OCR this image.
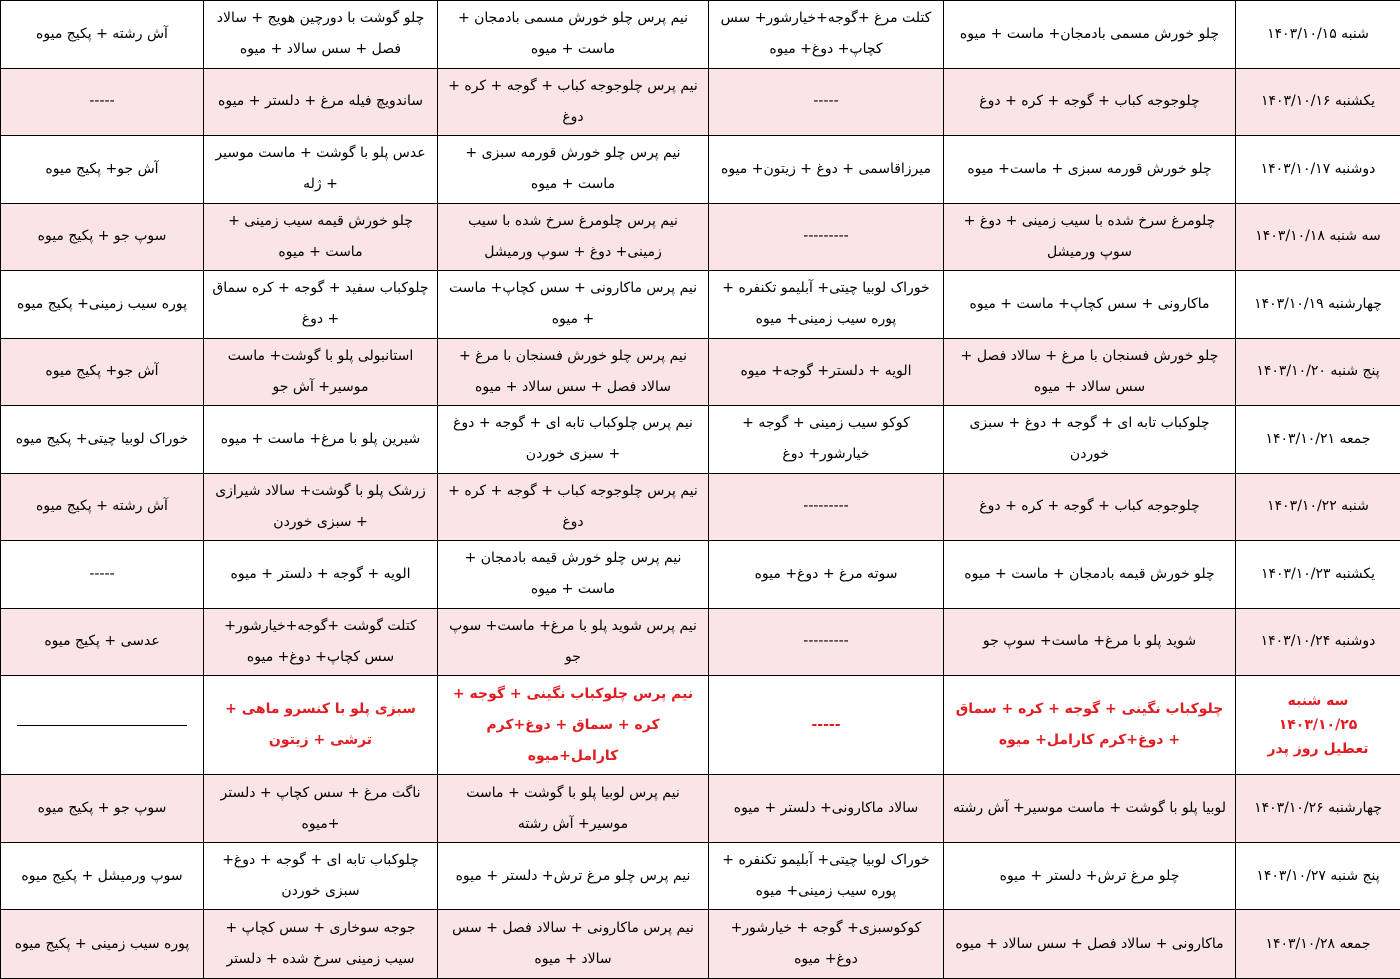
شنبه ۱۴۰۳/۱۰/۱۵	چلو خورش مسمی بادمجان+ ماست + میوه	کتلت مرغ +گوجه+خیارشور+ سس کچاپ+ دوغ+ میوه	نیم پرس چلو خورش مسمی بادمجان + ماست + میوه	چلو گوشت با دورچین هویج + سالاد فصل + سس سالاد + میوه	آش رشته + پکیج میوه
یکشنبه ۱۴۰۳/۱۰/۱۶	چلوجوجه کباب + گوجه + کره + دوغ	-----	نیم پرس چلوجوجه کباب + گوجه + کره + دوغ	ساندویچ فیله مرغ + دلستر + میوه	-----
دوشنبه ۱۴۰۳/۱۰/۱۷	چلو خورش قورمه سبزی + ماست+ میوه	میرزاقاسمی + دوغ + زیتون+ میوه	نیم پرس چلو خورش قورمه سبزی + ماست + میوه	عدس پلو با گوشت + ماست موسیر + ژله	آش جو+ پکیج میوه
سه شنبه ۱۴۰۳/۱۰/۱۸	چلومرغ سرخ شده با سیب زمینی + دوغ + سوپ ورمیشل	---------	نیم پرس چلومرغ سرخ شده با سیب زمینی+ دوغ + سوپ ورمیشل	چلو خورش قیمه سیب زمینی + ماست + میوه	سوپ جو + پکیج میوه
چهارشنبه ۱۴۰۳/۱۰/۱۹	ماکارونی + سس کچاپ+ ماست + میوه	خوراک لوبیا چیتی+ آبلیمو تکنفره + پوره سیب زمینی+ میوه	نیم پرس ماکارونی + سس کچاپ+ ماست + میوه	چلوکباب سفید + گوجه + کره سماق + دوغ	پوره سیب زمینی+ پکیج میوه
پنج شنبه ۱۴۰۳/۱۰/۲۰	چلو خورش فسنجان با مرغ + سالاد فصل + سس سالاد + میوه	الویه + دلستر+ گوجه+ میوه	نیم پرس چلو خورش فسنجان با مرغ + سالاد فصل + سس سالاد + میوه	استانبولی پلو با گوشت+ ماست موسیر+ آش جو	آش جو+ پکیج میوه
جمعه ۱۴۰۳/۱۰/۲۱	چلوکباب تابه ای + گوجه + دوغ + سبزی خوردن	کوکو سیب زمینی + گوجه + خیارشور+ دوغ	نیم پرس چلوکباب تابه ای + گوجه + دوغ + سبزی خوردن	شیرین پلو با مرغ+ ماست + میوه	خوراک لوبیا چیتی+ پکیج میوه
شنبه ۱۴۰۳/۱۰/۲۲	چلوجوجه کباب + گوجه + کره + دوغ	---------	نیم پرس چلوجوجه کباب + گوجه + کره + دوغ	زرشک پلو با گوشت+ سالاد شیرازی + سبزی خوردن	آش رشته + پکیج میوه
یکشنبه ۱۴۰۳/۱۰/۲۳	چلو خورش قیمه بادمجان + ماست + میوه	سوته مرغ + دوغ+ میوه	نیم پرس چلو خورش قیمه بادمجان + ماست + میوه	الویه + گوجه + دلستر + میوه	-----
دوشنبه ۱۴۰۳/۱۰/۲۴	شوید پلو با مرغ+ ماست+ سوپ جو	---------	نیم پرس شوید پلو با مرغ+ ماست+ سوپ جو	کتلت گوشت +گوجه+خیارشور+ سس کچاپ+ دوغ+ میوه	عدسی + پکیج میوه

سه شنبه
۱۴۰۳/۱۰/۲۵
تعطیل روز پدر	چلوکباب نگینی + گوجه + کره + سماق + دوغ+کرم کارامل+ میوه	-----	نیم پرس چلوکباب نگینی + گوجه + کره + سماق + دوغ+کرم کارامل+میوه	سبزی پلو با کنسرو ماهی + ترشی + زیتون	

چهارشنبه ۱۴۰۳/۱۰/۲۶	لوبیا پلو با گوشت + ماست موسیر+ آش رشته	سالاد ماکارونی+ دلستر + میوه	نیم پرس لوبیا پلو با گوشت + ماست موسیر+ آش رشته	ناگت مرغ + سس کچاپ + دلستر +میوه	سوپ جو + پکیج میوه
پنج شنبه ۱۴۰۳/۱۰/۲۷	چلو مرغ ترش+ دلستر + میوه	خوراک لوبیا چیتی+ آبلیمو تکنفره + پوره سیب زمینی+ میوه	نیم پرس چلو مرغ ترش+ دلستر + میوه	چلوکباب تابه ای + گوجه + دوغ+ سبزی خوردن	سوپ ورمیشل + پکیج میوه
جمعه ۱۴۰۳/۱۰/۲۸	ماکارونی + سالاد فصل + سس سالاد + میوه	کوکوسبزی+ گوجه + خیارشور+ دوغ+ میوه	نیم پرس ماکارونی + سالاد فصل + سس سالاد + میوه	جوجه سوخاری + سس کچاپ + سیب زمینی سرخ شده + دلستر	پوره سیب زمینی + پکیج میوه
